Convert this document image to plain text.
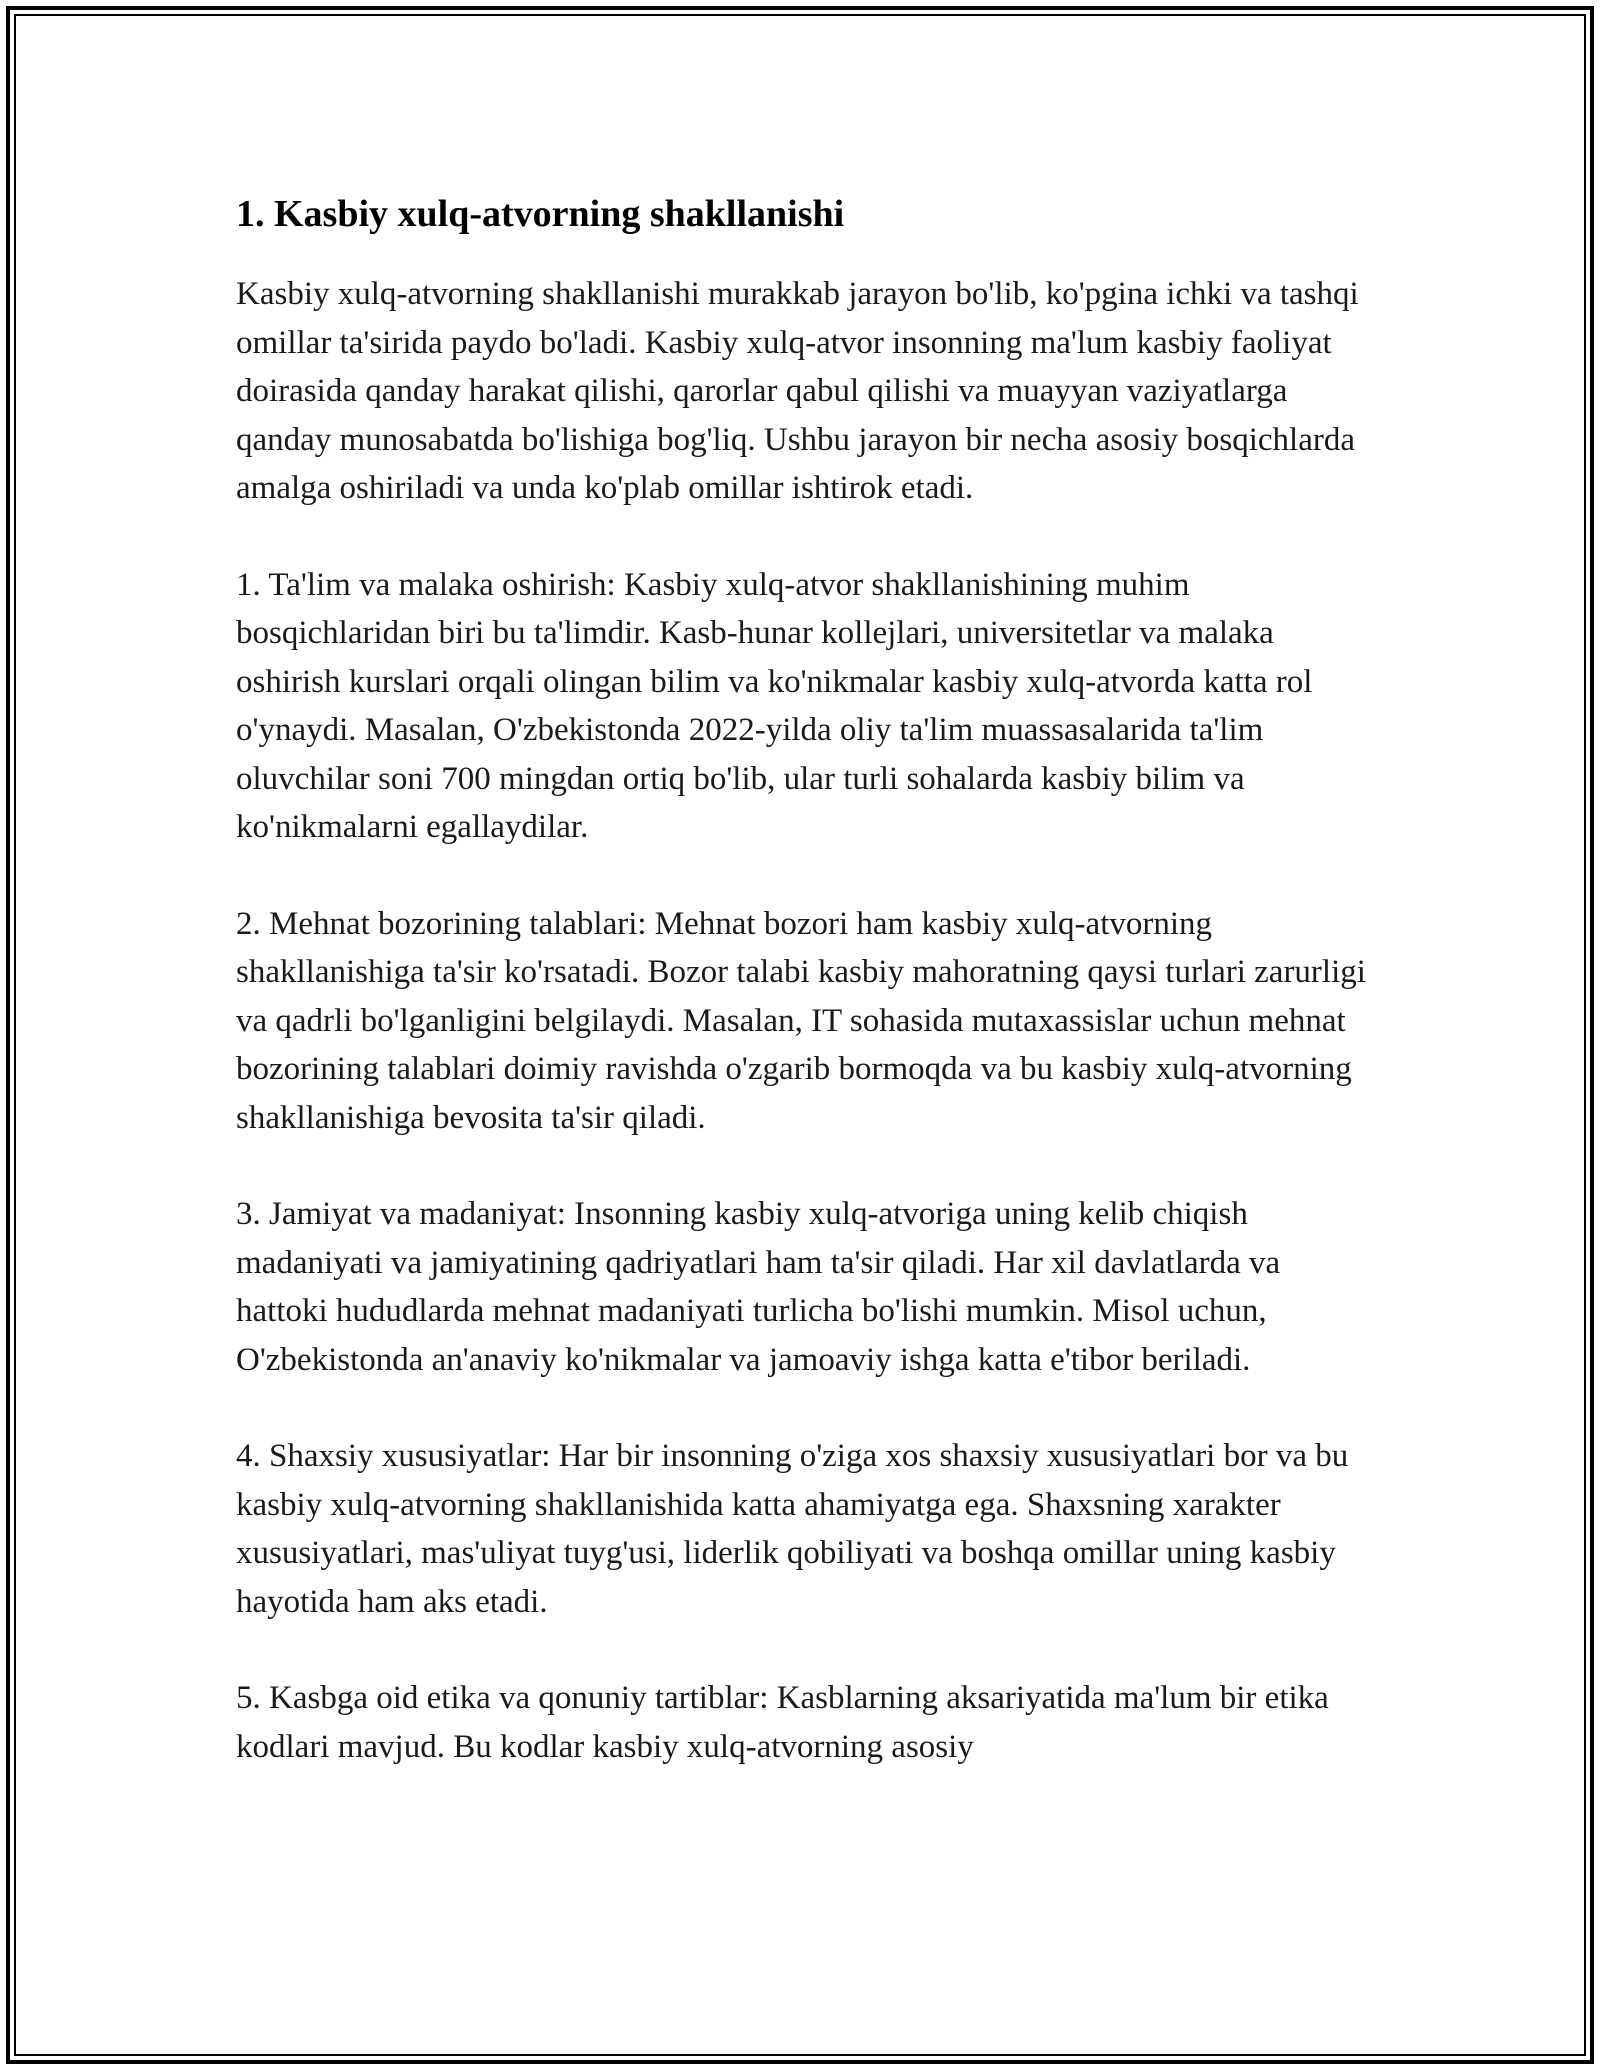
1. Kasbiy xulq-atvorning shakllanishi

Kasbiy xulq-atvorning shakllanishi murakkab jarayon bo'lib, ko'pgina ichki va tashqi omillar ta'sirida paydo bo'ladi. Kasbiy xulq-atvor insonning ma'lum kasbiy faoliyat doirasida qanday harakat qilishi, qarorlar qabul qilishi va muayyan vaziyatlarga qanday munosabatda bo'lishiga bog'liq. Ushbu jarayon bir necha asosiy bosqichlarda amalga oshiriladi va unda ko'plab omillar ishtirok etadi.

1. Ta'lim va malaka oshirish: Kasbiy xulq-atvor shakllanishining muhim bosqichlaridan biri bu ta'limdir. Kasb-hunar kollejlari, universitetlar va malaka oshirish kurslari orqali olingan bilim va ko'nikmalar kasbiy xulq-atvorda katta rol o'ynaydi. Masalan, O'zbekistonda 2022-yilda oliy ta'lim muassasalarida ta'lim oluvchilar soni 700 mingdan ortiq bo'lib, ular turli sohalarda kasbiy bilim va ko'nikmalarni egallaydilar.

2. Mehnat bozorining talablari: Mehnat bozori ham kasbiy xulq-atvorning shakllanishiga ta'sir ko'rsatadi. Bozor talabi kasbiy mahoratning qaysi turlari zarurligi va qadrli bo'lganligini belgilaydi. Masalan, IT sohasida mutaxassislar uchun mehnat bozorining talablari doimiy ravishda o'zgarib bormoqda va bu kasbiy xulq-atvorning shakllanishiga bevosita ta'sir qiladi.

3. Jamiyat va madaniyat: Insonning kasbiy xulq-atvoriga uning kelib chiqish madaniyati va jamiyatining qadriyatlari ham ta'sir qiladi. Har xil davlatlarda va hattoki hududlarda mehnat madaniyati turlicha bo'lishi mumkin. Misol uchun, O'zbekistonda an'anaviy ko'nikmalar va jamoaviy ishga katta e'tibor beriladi.

4. Shaxsiy xususiyatlar: Har bir insonning o'ziga xos shaxsiy xususiyatlari bor va bu kasbiy xulq-atvorning shakllanishida katta ahamiyatga ega. Shaxsning xarakter xususiyatlari, mas'uliyat tuyg'usi, liderlik qobiliyati va boshqa omillar uning kasbiy hayotida ham aks etadi.

5. Kasbga oid etika va qonuniy tartiblar: Kasblarning aksariyatida ma'lum bir etika kodlari mavjud. Bu kodlar kasbiy xulq-atvorning asosiy
